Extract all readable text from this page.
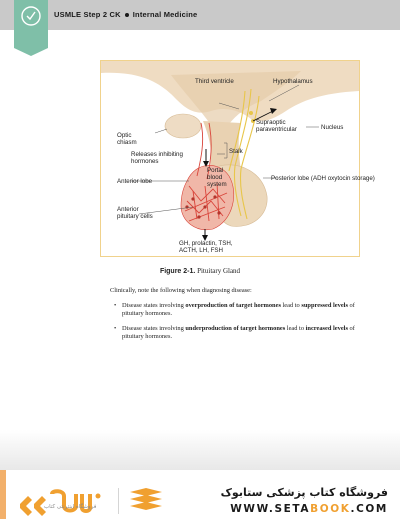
USMLE Step 2 CK Internal Medicine
Third ventricle	Hypothalamus
Supraoptic
paraventricular	Nucleus
Optic
chiasm
Releases inhibiting
hormones
Stalk
Portal
blood
system
Anterior lobe	Posterior lobe (ADH oxytocin storage)
Anterior
pituitary cells
GH, prolactin, TSH,
ACTH, LH, FSH
Figure 2-1. Pituitary Gland

Clinically, note the following when diagnosing disease:

• Disease states involving overproduction of target hormones lead to suppressed levels of pituitary hormones.
• Disease states involving underproduction of target hormones lead to increased levels of pituitary hormones.
فروشگاه اینترنتی کتاب
فروشگاه کتاب پزشکی ستابوک
WWW.SETABOOK.COM
